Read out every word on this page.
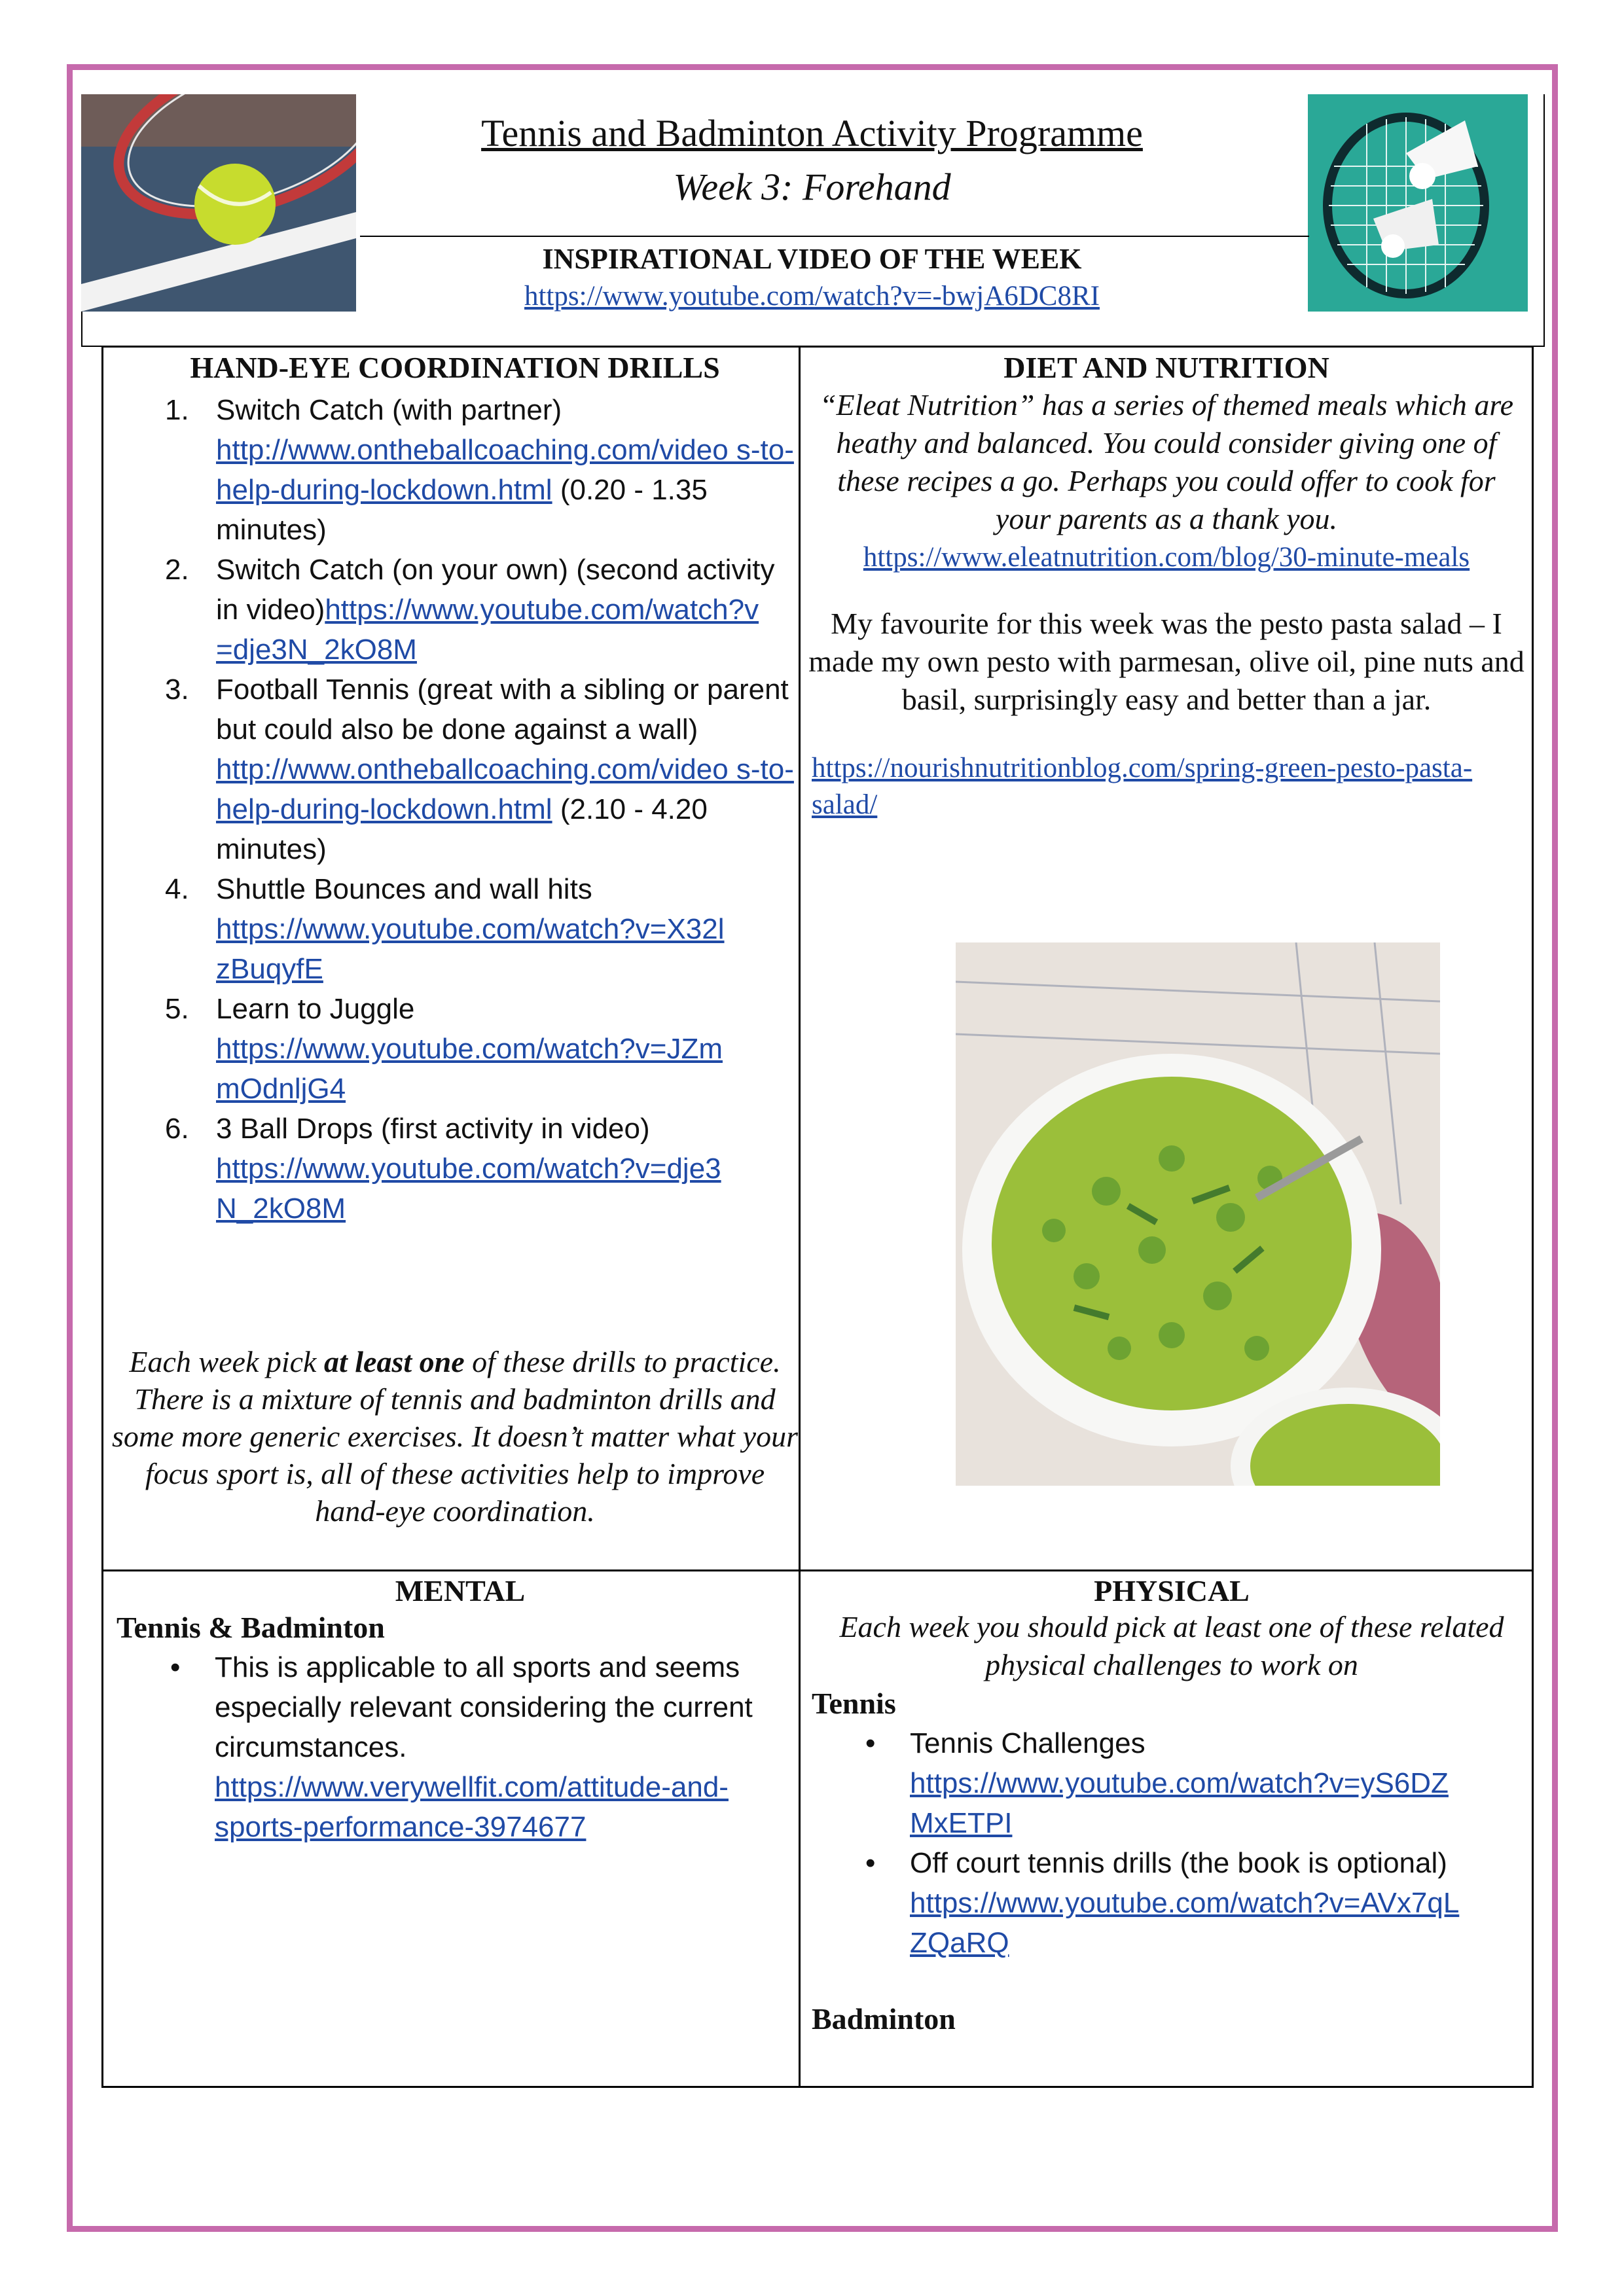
Tennis and Badminton Activity Programme
Week 3: Forehand
INSPIRATIONAL VIDEO OF THE WEEK
https://www.youtube.com/watch?v=-bwjA6DC8RI
HAND-EYE COORDINATION DRILLS
1. Switch Catch (with partner)
http://www.ontheballcoaching.com/video s-to-help-during-lockdown.html (0.20 - 1.35 minutes)
2. Switch Catch (on your own) (second activity in video)https://www.youtube.com/watch?v =dje3N_2kO8M
3. Football Tennis (great with a sibling or parent but could also be done against a wall)
http://www.ontheballcoaching.com/video s-to-help-during-lockdown.html (2.10 - 4.20 minutes)
4. Shuttle Bounces and wall hits
https://www.youtube.com/watch?v=X32l zBuqyfE
5. Learn to Juggle
https://www.youtube.com/watch?v=JZm mOdnljG4
6. 3 Ball Drops (first activity in video)
https://www.youtube.com/watch?v=dje3 N_2kO8M
Each week pick at least one of these drills to practice. There is a mixture of tennis and badminton drills and some more generic exercises. It doesn’t matter what your focus sport is, all of these activities help to improve hand-eye coordination.
DIET AND NUTRITION
“Eleat Nutrition” has a series of themed meals which are heathy and balanced. You could consider giving one of these recipes a go. Perhaps you could offer to cook for your parents as a thank you.
https://www.eleatnutrition.com/blog/30-minute-meals
My favourite for this week was the pesto pasta salad – I made my own pesto with parmesan, olive oil, pine nuts and basil, surprisingly easy and better than a jar.
https://nourishnutritionblog.com/spring-green-pesto-pasta-salad/
MENTAL
Tennis & Badminton
• This is applicable to all sports and seems especially relevant considering the current circumstances.
https://www.verywellfit.com/attitude-and-sports-performance-3974677
PHYSICAL
Each week you should pick at least one of these related physical challenges to work on
Tennis
• Tennis Challenges
https://www.youtube.com/watch?v=yS6DZ MxETPI
• Off court tennis drills (the book is optional)
https://www.youtube.com/watch?v=AVx7qL ZQaRQ
Badminton
